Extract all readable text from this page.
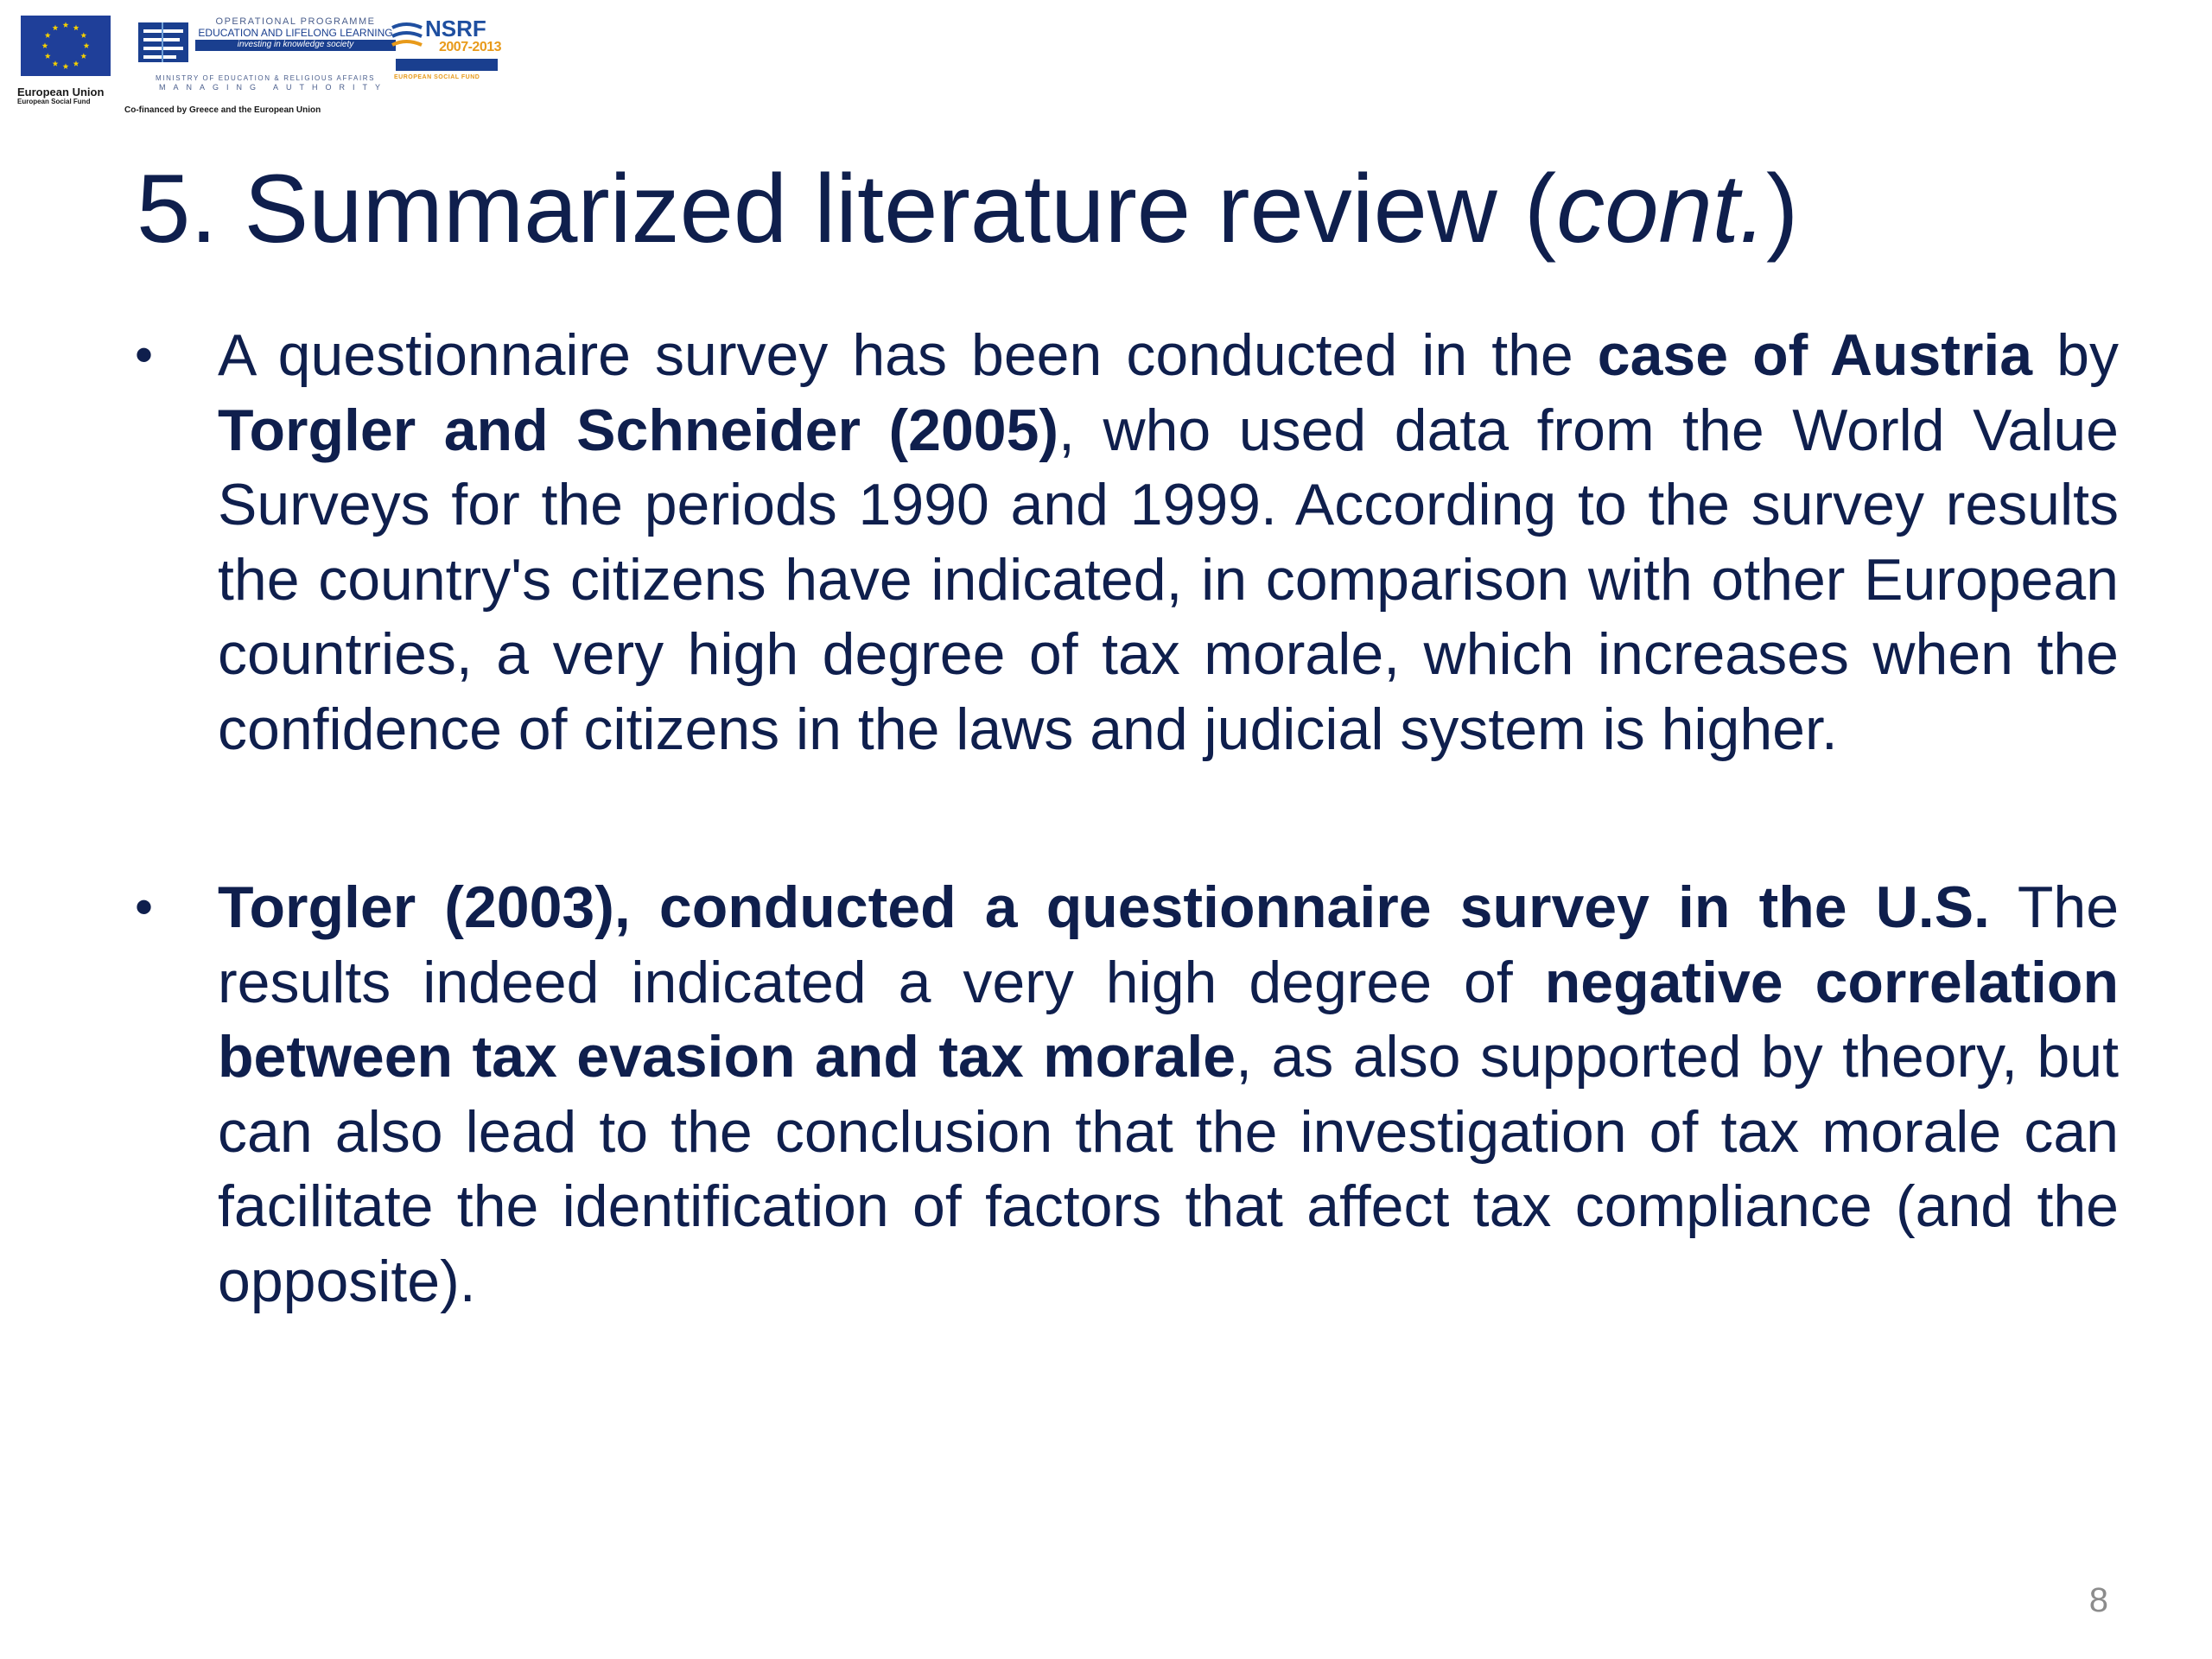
European Union
European Social Fund
OPERATIONAL PROGRAMME
EDUCATION AND LIFELONG LEARNING
investing in knowledge society
MINISTRY OF EDUCATION & RELIGIOUS AFFAIRS
MANAGING AUTHORITY
Co-financed by Greece and the European Union
NSRF
2007-2013
EUROPEAN SOCIAL FUND
5. Summarized literature review (cont.)
• A questionnaire survey has been conducted in the case of Austria by Torgler and Schneider (2005), who used data from the World Value Surveys for the periods 1990 and 1999. According to the survey results the country's citizens have indicated, in comparison with other European countries, a very high degree of tax morale, which increases when the confidence of citizens in the laws and judicial system is higher.
• Torgler (2003), conducted a questionnaire survey in the U.S. The results indeed indicated a very high degree of negative correlation between tax evasion and tax morale, as also supported by theory, but can also lead to the conclusion that the investigation of tax morale can facilitate the identification of factors that affect tax compliance (and the opposite).
8
